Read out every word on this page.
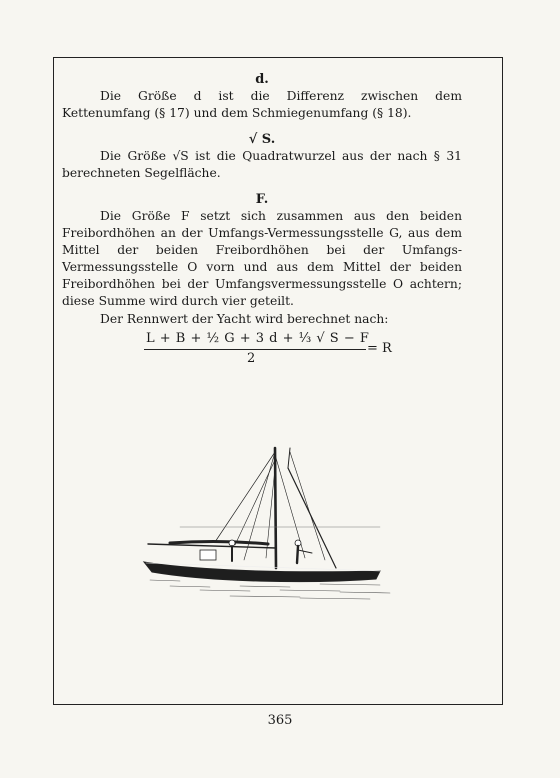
d.

Die Größe d ist die Differenz zwischen dem Kettenumfang (§ 17) und dem Schmiegenumfang (§ 18).

√ S.

Die Größe √S ist die Quadratwurzel aus der nach § 31 berechneten Segelfläche.

F.

Die Größe F setzt sich zusammen aus den beiden Freibordhöhen an der Umfangs-Vermessungsstelle G, aus dem Mittel der beiden Freibordhöhen bei der Umfangs-Vermessungsstelle O vorn und aus dem Mittel der beiden Freibordhöhen bei der Umfangsvermessungsstelle O achtern; diese Summe wird durch vier geteilt.

Der Rennwert der Yacht wird berechnet nach:

L + B + ½ G + 3 d + ⅓ √ S − F
2
= R
365
